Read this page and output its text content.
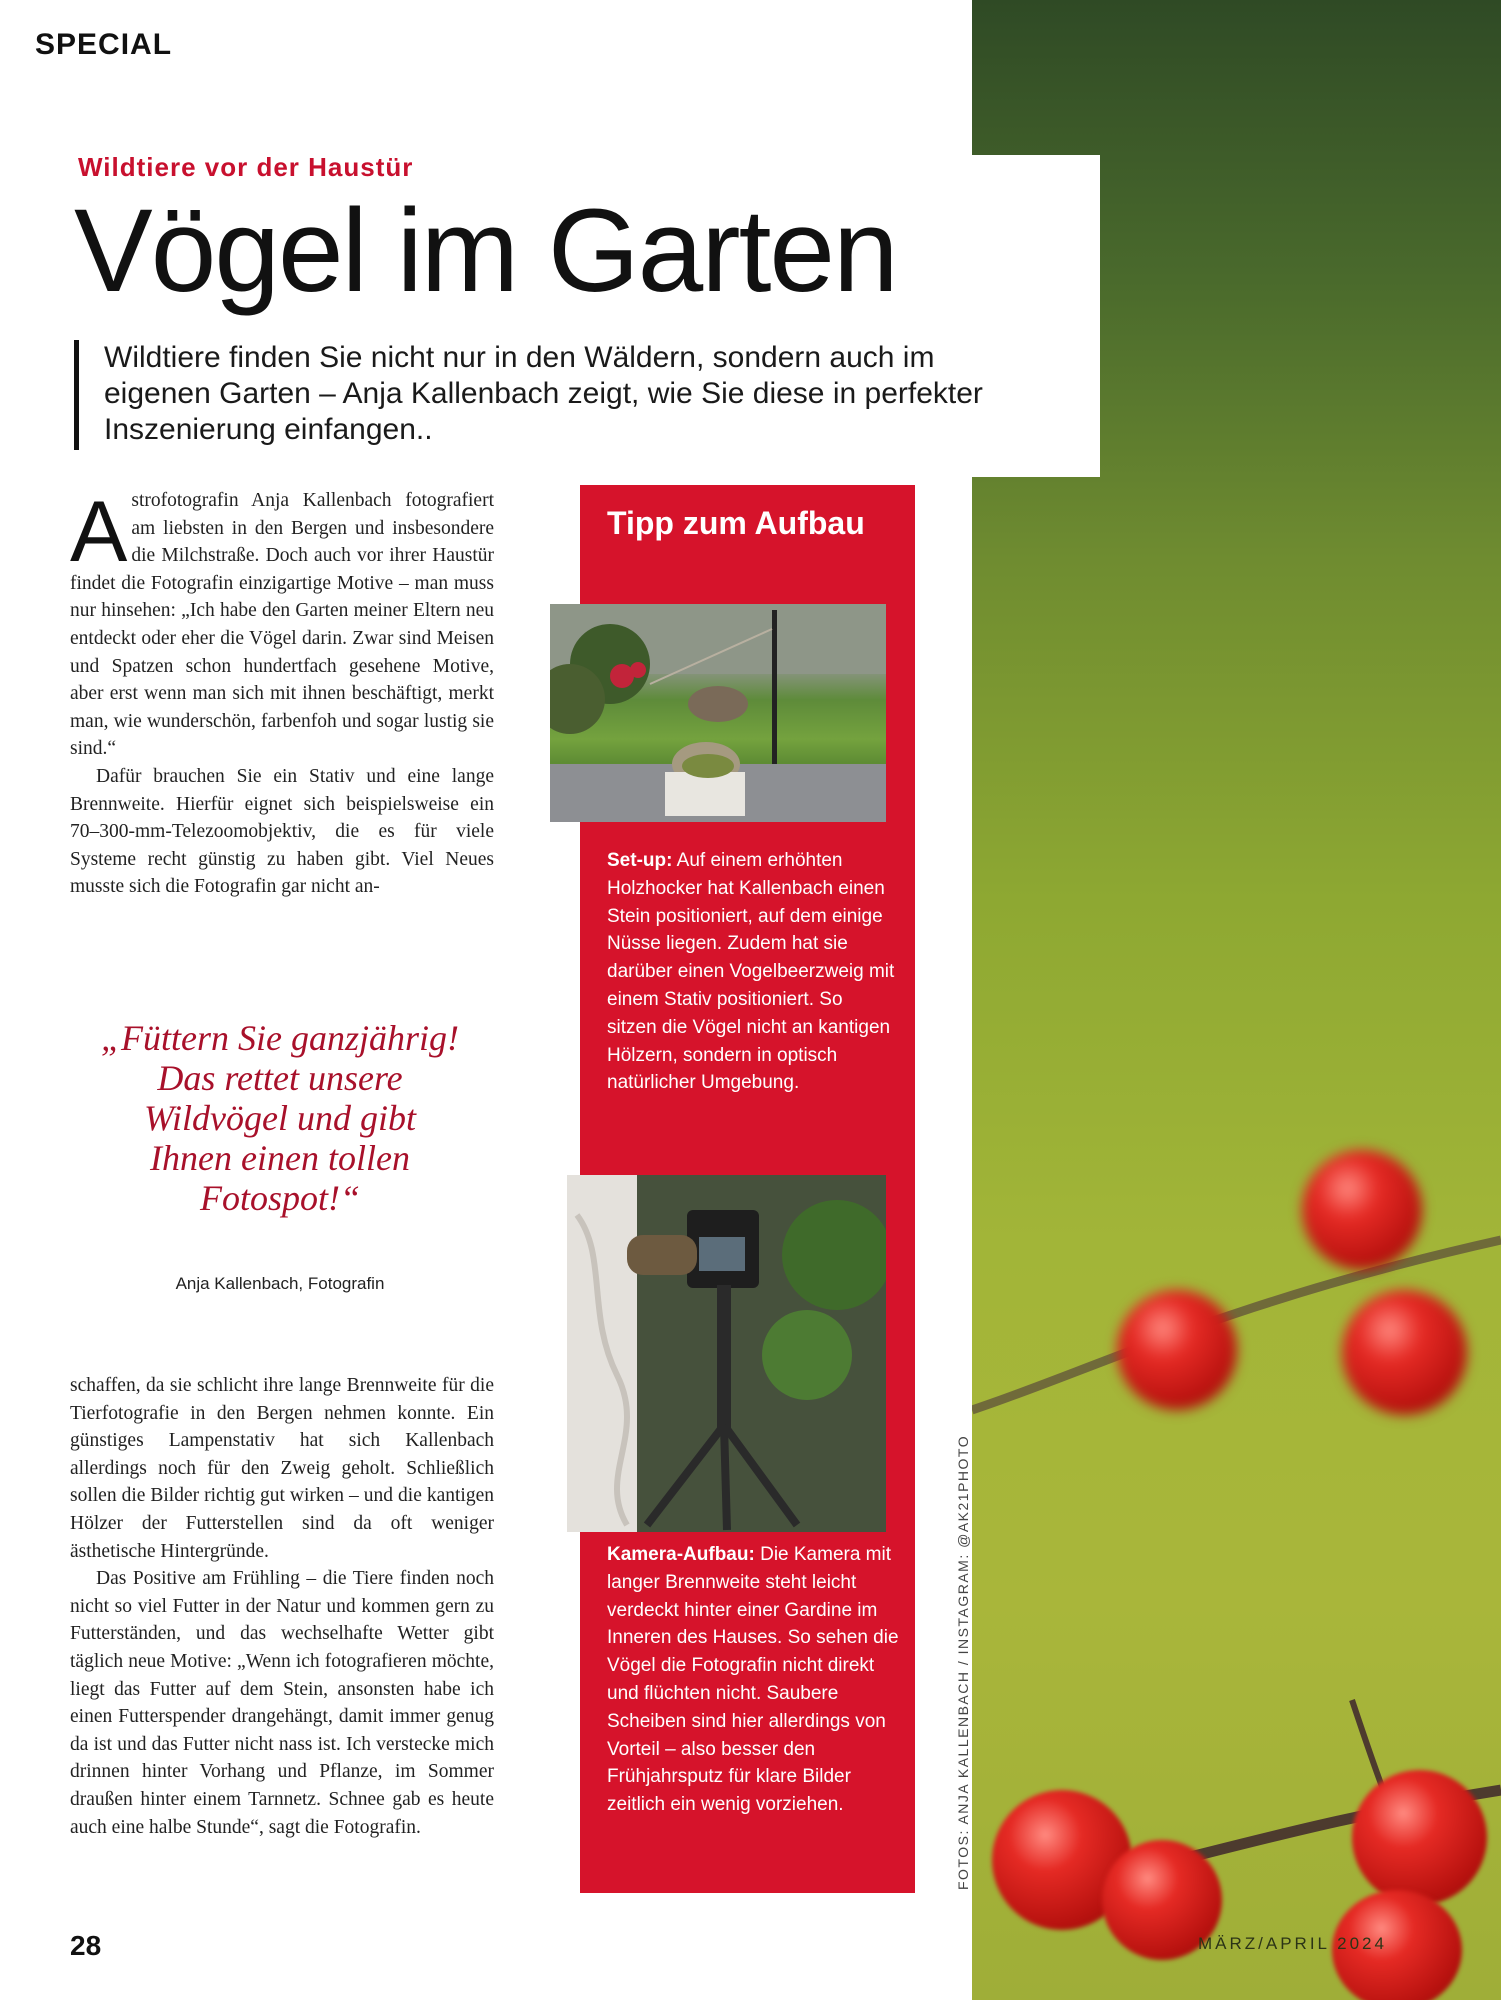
SPECIAL
Wildtiere vor der Haustür
Vögel im Garten
Wildtiere finden Sie nicht nur in den Wäldern, sondern auch im eigenen Garten – Anja Kallenbach zeigt, wie Sie diese in perfekter Inszenierung einfangen..

Astrofotografin Anja Kallenbach fotografiert am liebsten in den Bergen und insbesondere die Milchstraße. Doch auch vor ihrer Haustür findet die Fotografin einzigartige Motive – man muss nur hinsehen: „Ich habe den Garten meiner Eltern neu entdeckt oder eher die Vögel darin. Zwar sind Meisen und Spatzen schon hundertfach gesehene Motive, aber erst wenn man sich mit ihnen beschäftigt, merkt man, wie wunderschön, farbenfoh und sogar lustig sie sind.“

Dafür brauchen Sie ein Stativ und eine lange Brennweite. Hierfür eignet sich beispielsweise ein 70–300-mm-Telezoomobjektiv, die es für viele Systeme recht günstig zu haben gibt. Viel Neues musste sich die Fotografin gar nicht an-

„Füttern Sie ganzjährig! Das rettet unsere Wildvögel und gibt Ihnen einen tollen Fotospot!“
Anja Kallenbach, Fotografin

schaffen, da sie schlicht ihre lange Brennweite für die Tierfotografie in den Bergen nehmen konnte. Ein günstiges Lampenstativ hat sich Kallenbach allerdings noch für den Zweig geholt. Schließlich sollen die Bilder richtig gut wirken – und die kantigen Hölzer der Futterstellen sind da oft weniger ästhetische Hintergründe.

Das Positive am Frühling – die Tiere finden noch nicht so viel Futter in der Natur und kommen gern zu Futterständen, und das wechselhafte Wetter gibt täglich neue Motive: „Wenn ich fotografieren möchte, liegt das Futter auf dem Stein, ansonsten habe ich einen Futterspender drangehängt, damit immer genug da ist und das Futter nicht nass ist. Ich verstecke mich drinnen hinter Vorhang und Pflanze, im Sommer draußen hinter einem Tarnnetz. Schnee gab es heute auch eine halbe Stunde“, sagt die Fotografin.

Tipp zum Aufbau
Set-up: Auf einem erhöhten Holzhocker hat Kallenbach einen Stein positioniert, auf dem einige Nüsse liegen. Zudem hat sie darüber einen Vogelbeerzweig mit einem Stativ positioniert. So sitzen die Vögel nicht an kantigen Hölzern, sondern in optisch natürlicher Umgebung.
Kamera-Aufbau: Die Kamera mit langer Brennweite steht leicht verdeckt hinter einer Gardine im Inneren des Hauses. So sehen die Vögel die Fotografin nicht direkt und flüchten nicht. Saubere Scheiben sind hier allerdings von Vorteil – also besser den Frühjahrsputz für klare Bilder zeitlich ein wenig vorziehen.	FOTOS: ANJA KALLENBACH / INSTAGRAM: @AK21PHOTO
28	MÄRZ/APRIL 2024
